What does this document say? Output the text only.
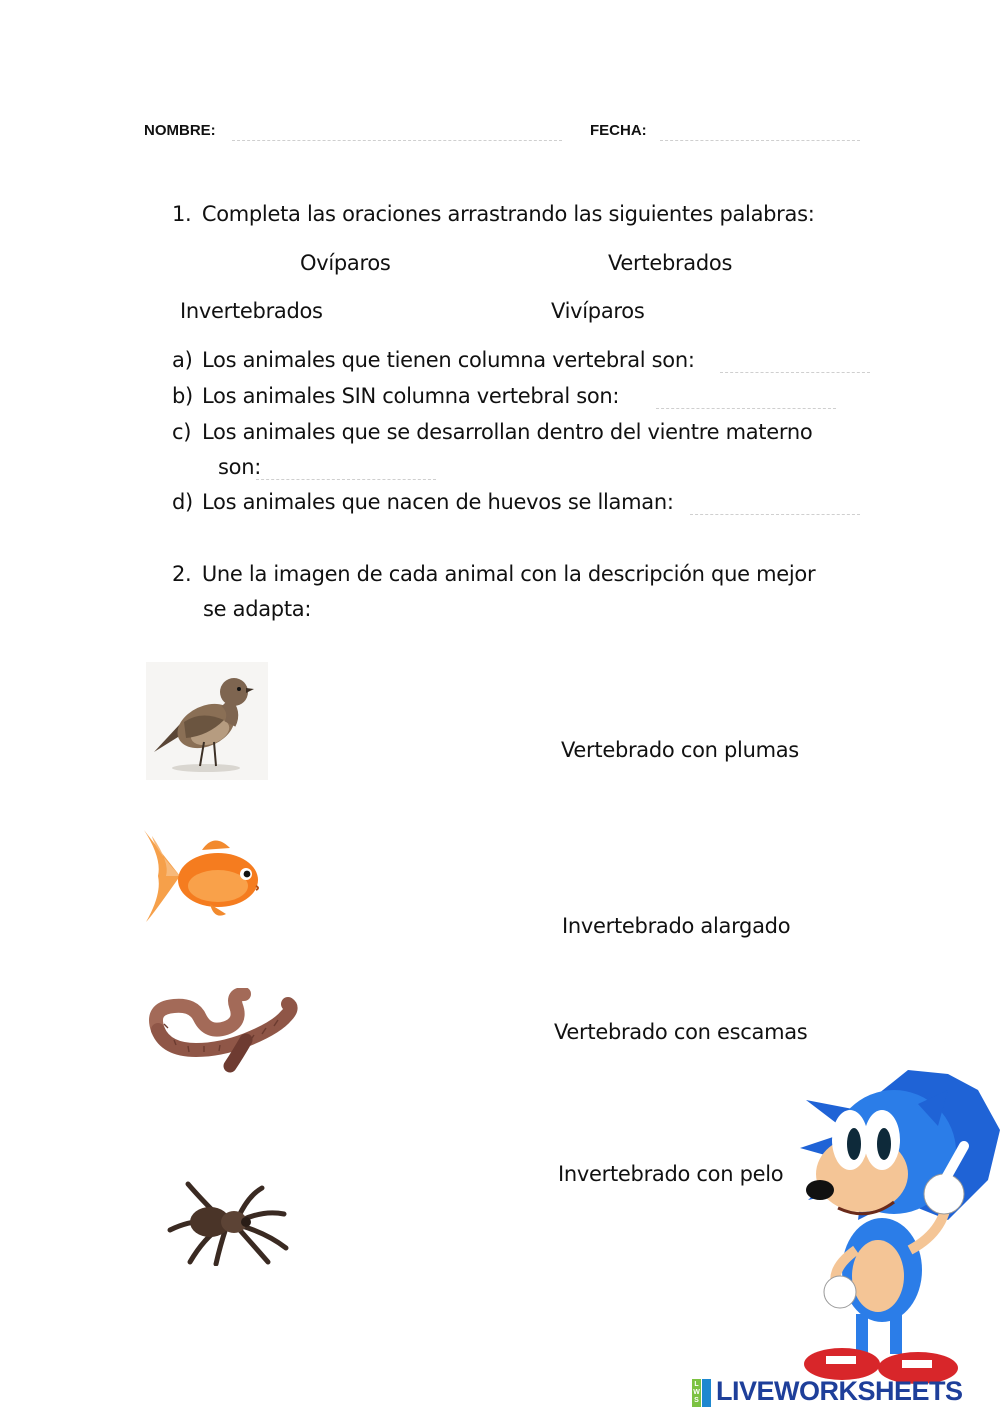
NOMBRE:	FECHA:
1. Completa las oraciones arrastrando las siguientes palabras:
Ovíparos	Vertebrados
Invertebrados	Vivíparos
a) Los animales que tienen columna vertebral son:
b) Los animales SIN columna vertebral son:
c) Los animales que se desarrollan dentro del vientre materno
son:
d) Los animales que nacen de huevos se llaman:
2. Une la imagen de cada animal con la descripción que mejor
se adapta:
Vertebrado con plumas
Invertebrado alargado
Vertebrado con escamas
Invertebrado con pelo
LWS LIVEWORKSHEETS
